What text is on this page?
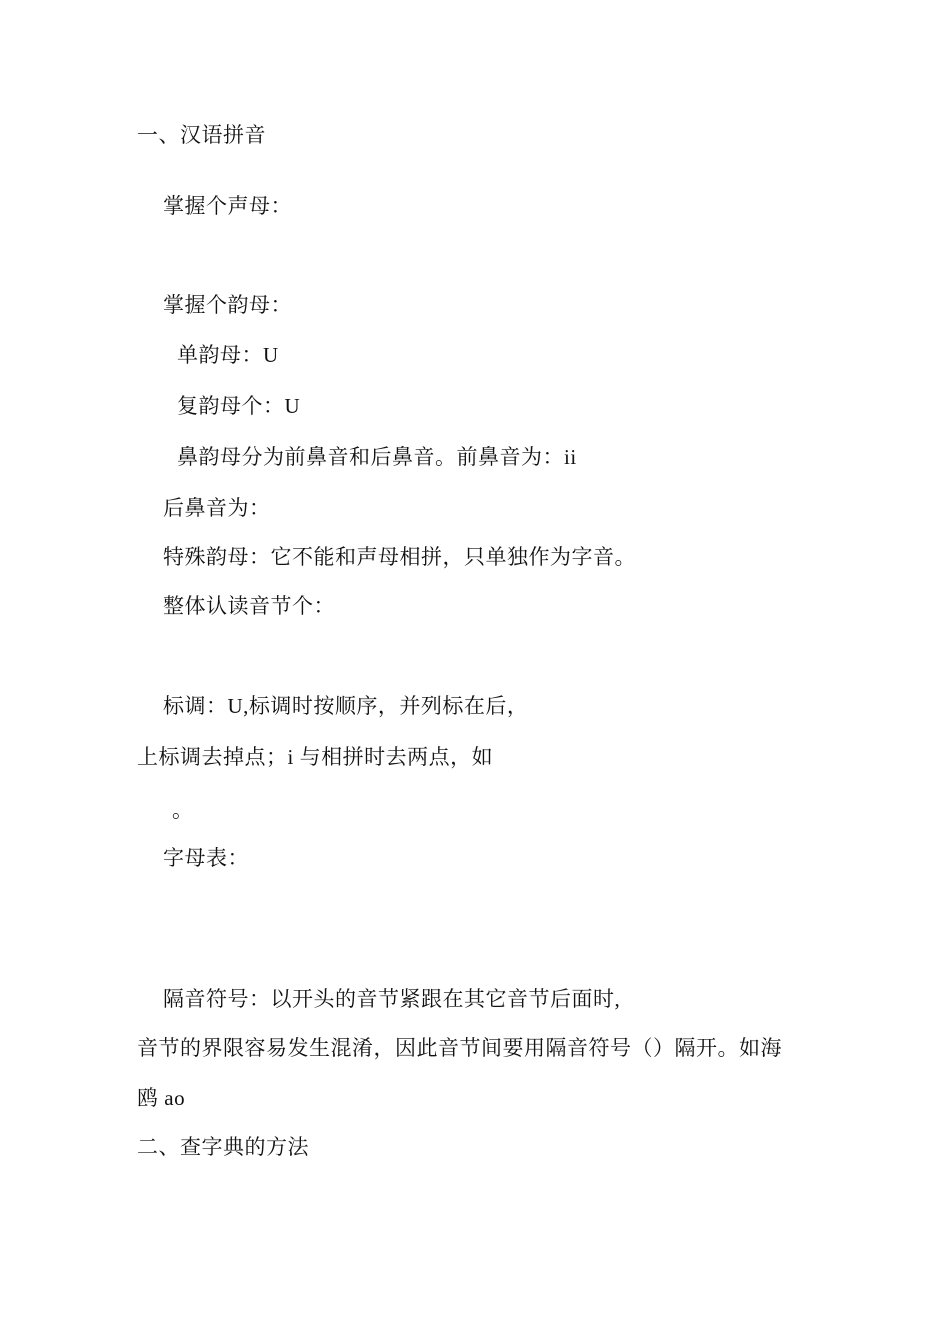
一、汉语拼音
掌握个声母：
掌握个韵母：
单韵母：U
复韵母个：U
鼻韵母分为前鼻音和后鼻音。前鼻音为：ii
后鼻音为：
特殊韵母：它不能和声母相拼，只单独作为字音。
整体认读音节个：
标调：U,标调时按顺序，并列标在后，
上标调去掉点；i 与相拼时去两点，如
。
字母表：
隔音符号：以开头的音节紧跟在其它音节后面时,
音节的界限容易发生混淆，因此音节间要用隔音符号（）隔开。如海
鸥 ao
二、查字典的方法
